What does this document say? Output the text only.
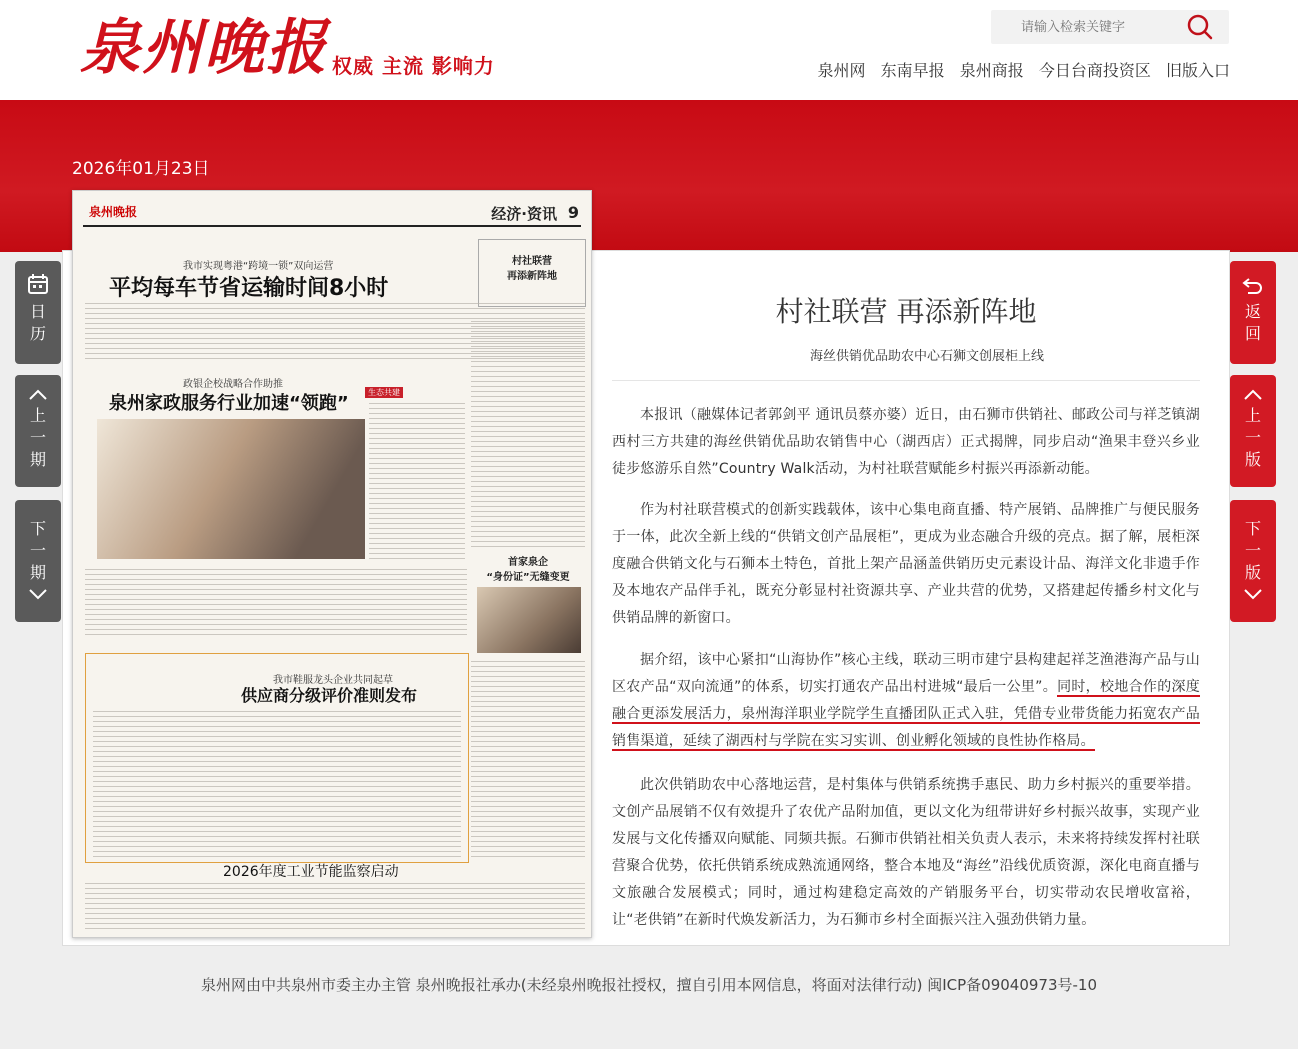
泉州晚报 权威 主流 影响力
请输入检索关键字	泉州网 东南早报 泉州商报 今日台商投资区 旧版入口
2026年01月23日
泉州晚报	经济·资讯 9
我市实现粤港“跨境一锁”双向运营
平均每车节省运输时间8小时
村社联营
再添新阵地
政银企校战略合作助推
泉州家政服务行业加速“领跑”
生态共建
首家泉企
“身份证”无缝变更
我市鞋服龙头企业共同起草
供应商分级评价准则发布
2026年度工业节能监察启动
村社联营 再添新阵地
海丝供销优品助农中心石狮文创展柜上线
本报讯（融媒体记者郭剑平 通讯员蔡亦婆）近日，由石狮市供销社、邮政公司与祥芝镇湖西村三方共建的海丝供销优品助农销售中心（湖西店）正式揭牌，同步启动“渔果丰登兴乡业 徒步悠游乐自然”Country Walk活动，为村社联营赋能乡村振兴再添新动能。
作为村社联营模式的创新实践载体，该中心集电商直播、特产展销、品牌推广与便民服务于一体，此次全新上线的“供销文创产品展柜”，更成为业态融合升级的亮点。据了解，展柜深度融合供销文化与石狮本土特色，首批上架产品涵盖供销历史元素设计品、海洋文化非遗手作及本地农产品伴手礼，既充分彰显村社资源共享、产业共营的优势，又搭建起传播乡村文化与供销品牌的新窗口。
据介绍，该中心紧扣“山海协作”核心主线，联动三明市建宁县构建起祥芝渔港海产品与山区农产品“双向流通”的体系，切实打通农产品出村进城“最后一公里”。同时，校地合作的深度融合更添发展活力，泉州海洋职业学院学生直播团队正式入驻，凭借专业带货能力拓宽农产品销售渠道，延续了湖西村与学院在实习实训、创业孵化领域的良性协作格局。
此次供销助农中心落地运营，是村集体与供销系统携手惠民、助力乡村振兴的重要举措。文创产品展销不仅有效提升了农优产品附加值，更以文化为纽带讲好乡村振兴故事，实现产业发展与文化传播双向赋能、同频共振。石狮市供销社相关负责人表示，未来将持续发挥村社联营聚合优势，依托供销系统成熟流通网络，整合本地及“海丝”沿线优质资源，深化电商直播与文旅融合发展模式；同时，通过构建稳定高效的产销服务平台，切实带动农民增收富裕，让“老供销”在新时代焕发新活力，为石狮市乡村全面振兴注入强劲供销力量。
日
历
上
一
期
下
一
期
返
回
上
一
版
下
一
版
泉州网由中共泉州市委主办主管 泉州晚报社承办(未经泉州晚报社授权，擅自引用本网信息，将面对法律行动) 闽ICP备09040973号-10
